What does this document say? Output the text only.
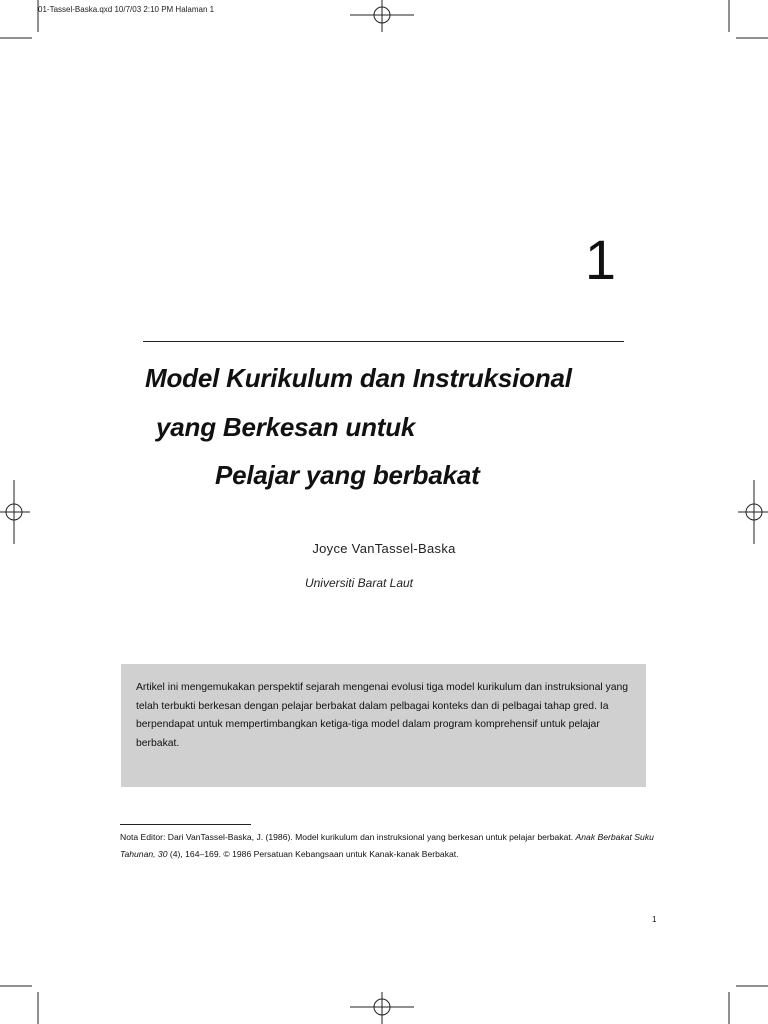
01-Tassel-Baska.qxd 10/7/03 2:10 PM Halaman 1
1
Model Kurikulum dan Instruksional
yang Berkesan untuk
Pelajar yang berbakat
Joyce VanTassel-Baska
Universiti Barat Laut
Artikel ini mengemukakan perspektif sejarah mengenai evolusi tiga model kurikulum dan instruksional yang telah terbukti berkesan dengan pelajar berbakat dalam pelbagai konteks dan di pelbagai tahap gred. Ia berpendapat untuk mempertimbangkan ketiga-tiga model dalam program komprehensif untuk pelajar berbakat.
Nota Editor: Dari VanTassel-Baska, J. (1986). Model kurikulum dan instruksional yang berkesan untuk pelajar berbakat. Anak Berbakat Suku Tahunan, 30 (4), 164–169. © 1986 Persatuan Kebangsaan untuk Kanak-kanak Berbakat.
1
